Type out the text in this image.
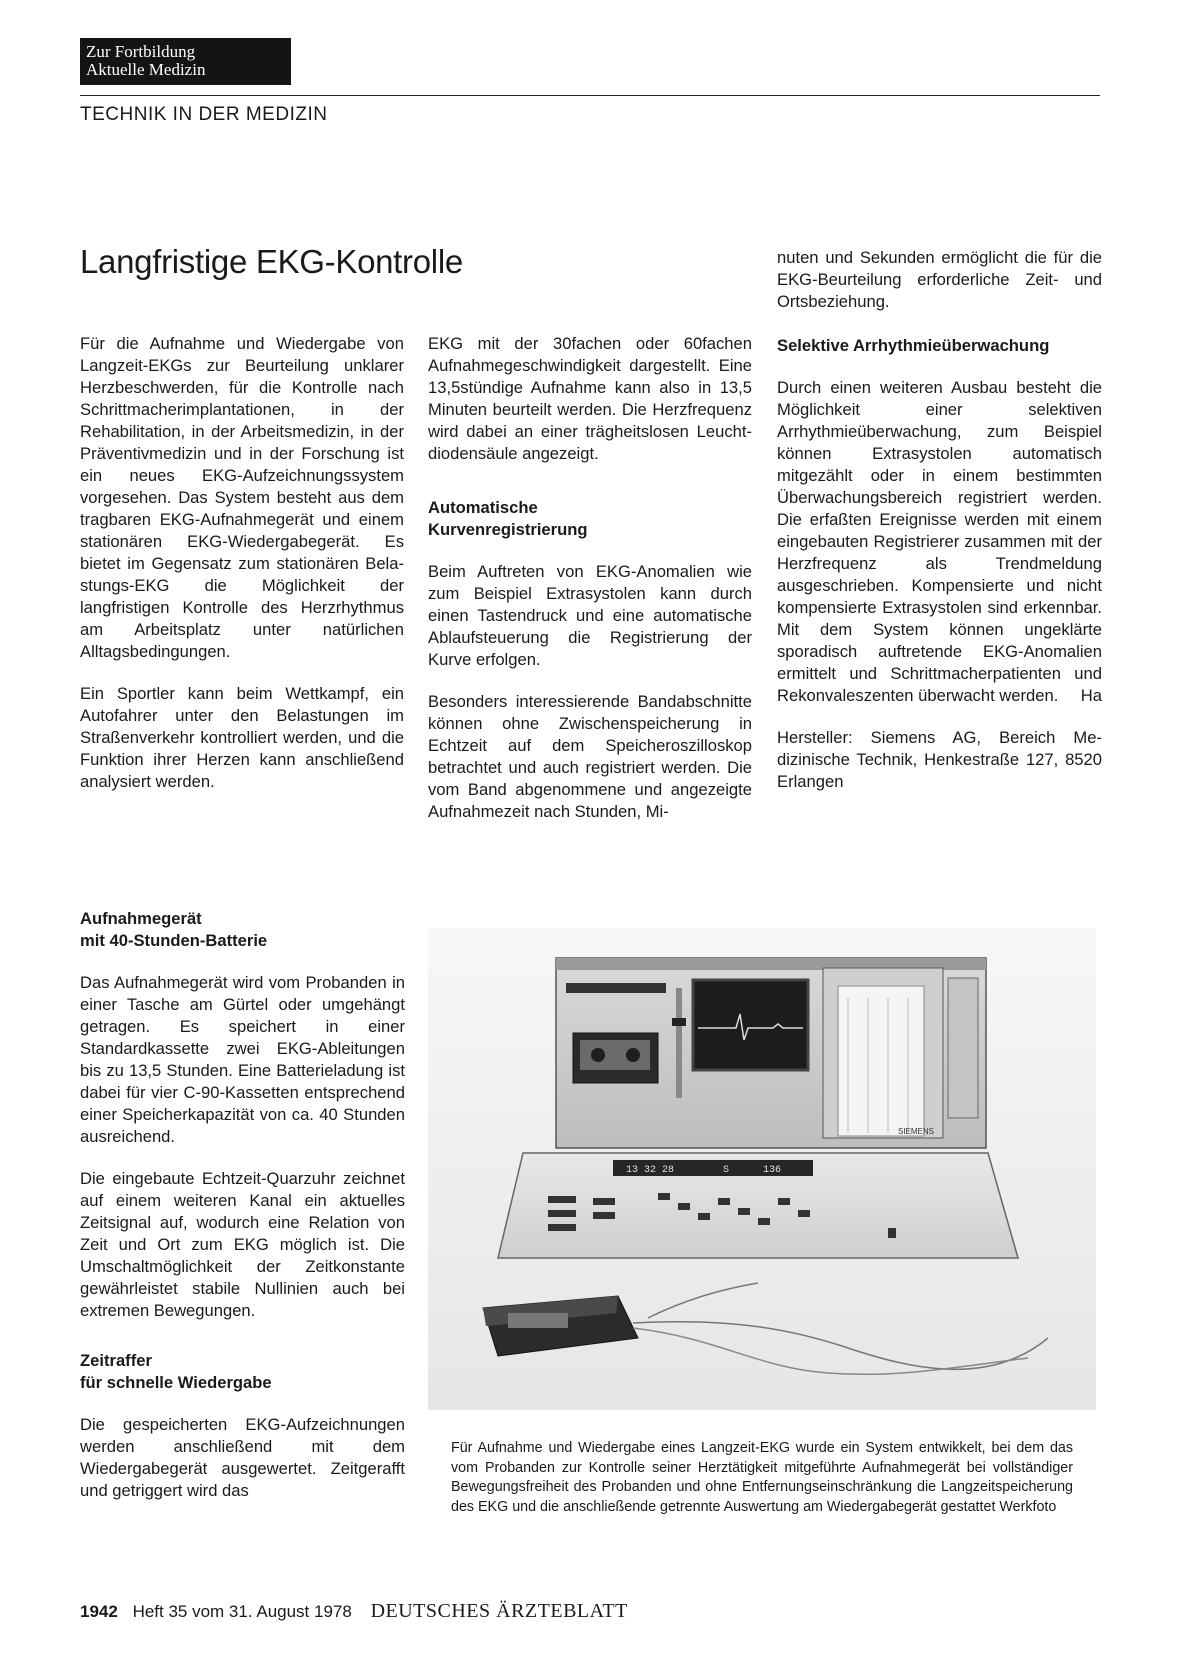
Zur Fortbildung
Aktuelle Medizin
TECHNIK IN DER MEDIZIN
Langfristige EKG-Kontrolle

Für die Aufnahme und Wiedergabe von Langzeit-EKGs zur Beurteilung unklarer Herzbeschwerden, für die Kontrolle nach Schrittmacherimplantationen, in der Rehabilitation, in der Arbeitsmedizin, in der Präventivmedizin und in der Forschung ist ein neues EKG-Aufzeichnungssystem vorgesehen. Das System besteht aus dem tragbaren EKG-Aufnahmegerät und einem stationären EKG-Wiedergabegerät. Es bietet im Gegensatz zum stationären Belastungs-EKG die Möglichkeit der langfristigen Kontrolle des Herzrhythmus am Arbeitsplatz unter natürlichen Alltagsbedingungen.

Ein Sportler kann beim Wettkampf, ein Autofahrer unter den Belastungen im Straßenverkehr kontrolliert werden, und die Funktion ihrer Herzen kann anschließend analysiert werden.

EKG mit der 30fachen oder 60fachen Aufnahmegeschwindigkeit dargestellt. Eine 13,5stündige Aufnahme kann also in 13,5 Minuten beurteilt werden. Die Herzfrequenz wird dabei an einer trägheitslosen Leuchtdiodensäule angezeigt.

Automatische
Kurvenregistrierung

Beim Auftreten von EKG-Anomalien wie zum Beispiel Extrasystolen kann durch einen Tastendruck und eine automatische Ablaufsteuerung die Registrierung der Kurve erfolgen.

Besonders interessierende Bandabschnitte können ohne Zwischenspeicherung in Echtzeit auf dem Speicheroszilloskop betrachtet und auch registriert werden. Die vom Band abgenommene und angezeigte Aufnahmezeit nach Stunden, Mi-

nuten und Sekunden ermöglicht die für die EKG-Beurteilung erforderliche Zeit- und Ortsbeziehung.

Selektive Arrhythmieüberwachung

Durch einen weiteren Ausbau besteht die Möglichkeit einer selektiven Arrhythmieüberwachung, zum Beispiel können Extrasystolen automatisch mitgezählt oder in einem bestimmten Überwachungsbereich registriert werden. Die erfaßten Ereignisse werden mit einem eingebauten Registrierer zusammen mit der Herzfrequenz als Trendmeldung ausgeschrieben. Kompensierte und nicht kompensierte Extrasystolen sind erkennbar. Mit dem System können ungeklärte sporadisch auftretende EKG-Anomalien ermittelt und Schrittmacherpatienten und Rekonvaleszenten überwacht werden. Ha

Hersteller: Siemens AG, Bereich Medizinische Technik, Henkestraße 127, 8520 Erlangen

Aufnahmegerät
mit 40-Stunden-Batterie

Das Aufnahmegerät wird vom Probanden in einer Tasche am Gürtel oder umgehängt getragen. Es speichert in einer Standardkassette zwei EKG-Ableitungen bis zu 13,5 Stunden. Eine Batterieladung ist dabei für vier C-90-Kassetten entsprechend einer Speicherkapazität von ca. 40 Stunden ausreichend.

Die eingebaute Echtzeit-Quarzuhr zeichnet auf einem weiteren Kanal ein aktuelles Zeitsignal auf, wodurch eine Relation von Zeit und Ort zum EKG möglich ist. Die Umschaltmöglichkeit der Zeitkonstante gewährleistet stabile Nullinien auch bei extremen Bewegungen.

Zeitraffer
für schnelle Wiedergabe

Die gespeicherten EKG-Aufzeichnungen werden anschließend mit dem Wiedergabegerät ausgewertet. Zeitgerafft und getriggert wird das

SIEMENS
13 32 28	S	136
Für Aufnahme und Wiedergabe eines Langzeit-EKG wurde ein System entwikkelt, bei dem das vom Probanden zur Kontrolle seiner Herztätigkeit mitgeführte Aufnahmegerät bei vollständiger Bewegungsfreiheit des Probanden und ohne Entfernungseinschränkung die Langzeitspeicherung des EKG und die anschließende getrennte Auswertung am Wiedergabegerät gestattet Werkfoto
1942 Heft 35 vom 31. August 1978 DEUTSCHES ÄRZTEBLATT
